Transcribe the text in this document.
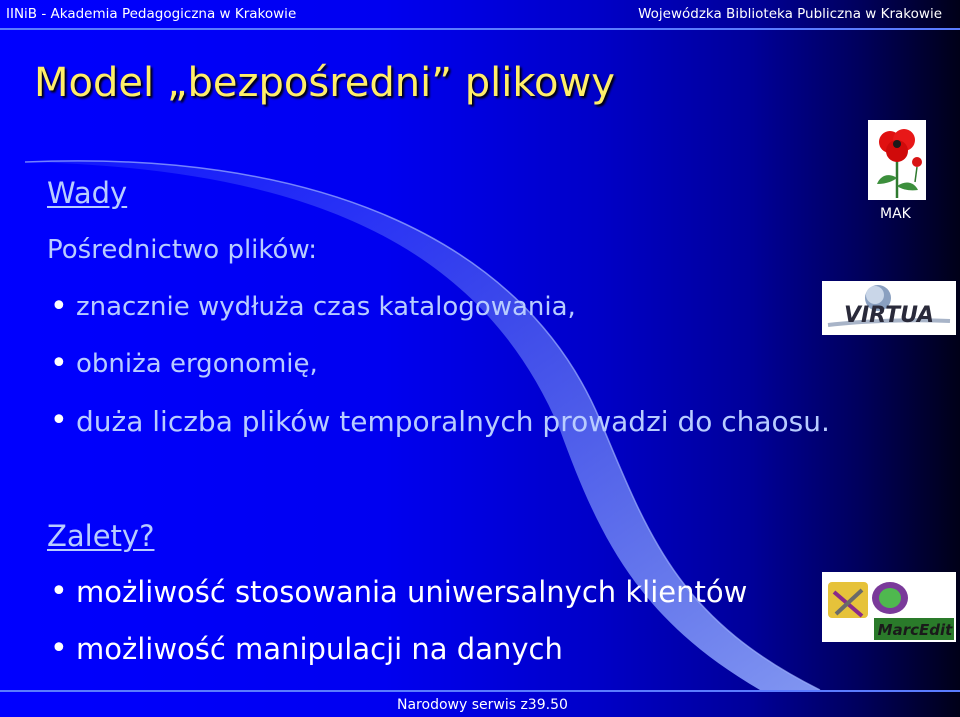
IINiB - Akademia Pedagogiczna w Krakowie	Wojewódzka Biblioteka Publiczna w Krakowie
Model „bezpośredni” plikowy
Wady
Pośrednictwo plików:
• znacznie wydłuża czas katalogowania,
• obniża ergonomię,
• duża liczba plików temporalnych prowadzi do chaosu.
Zalety?
• możliwość stosowania uniwersalnych klientów
• możliwość manipulacji na danych
MAK
VIRTUA
MarcEdit
Narodowy serwis z39.50
